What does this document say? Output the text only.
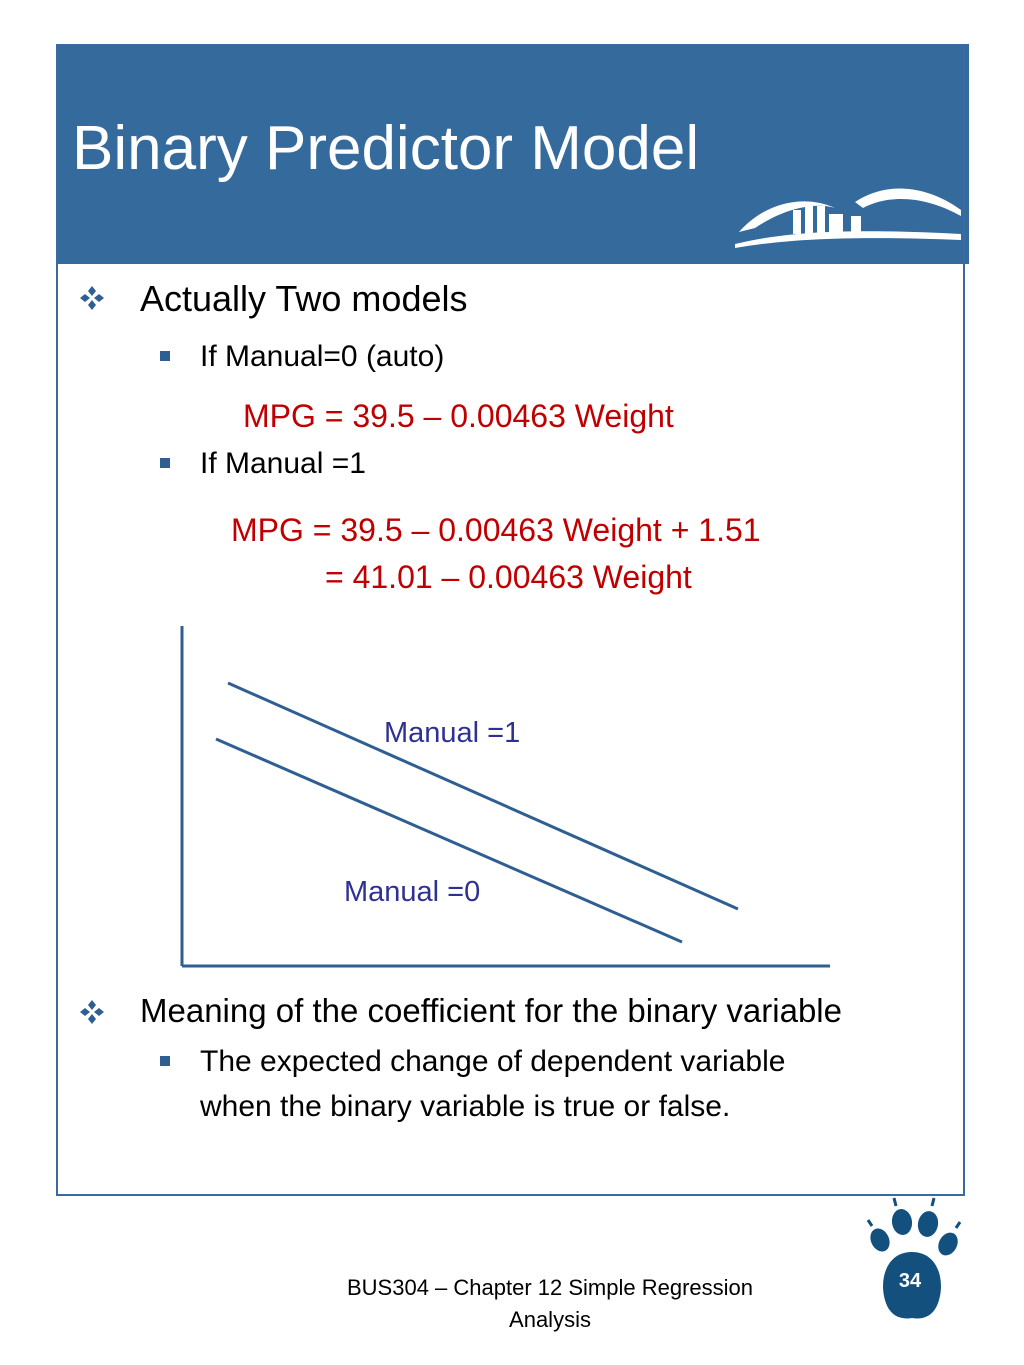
Binary Predictor Model
Actually Two models
If Manual=0 (auto)
MPG = 39.5 – 0.00463 Weight
If Manual =1
MPG = 39.5 – 0.00463 Weight + 1.51
= 41.01 – 0.00463 Weight
Manual =1
Manual =0
Meaning of the coefficient for the binary variable
The expected change of dependent variable
when the binary variable is true or false.
BUS304 – Chapter 12 Simple Regression
Analysis
34
